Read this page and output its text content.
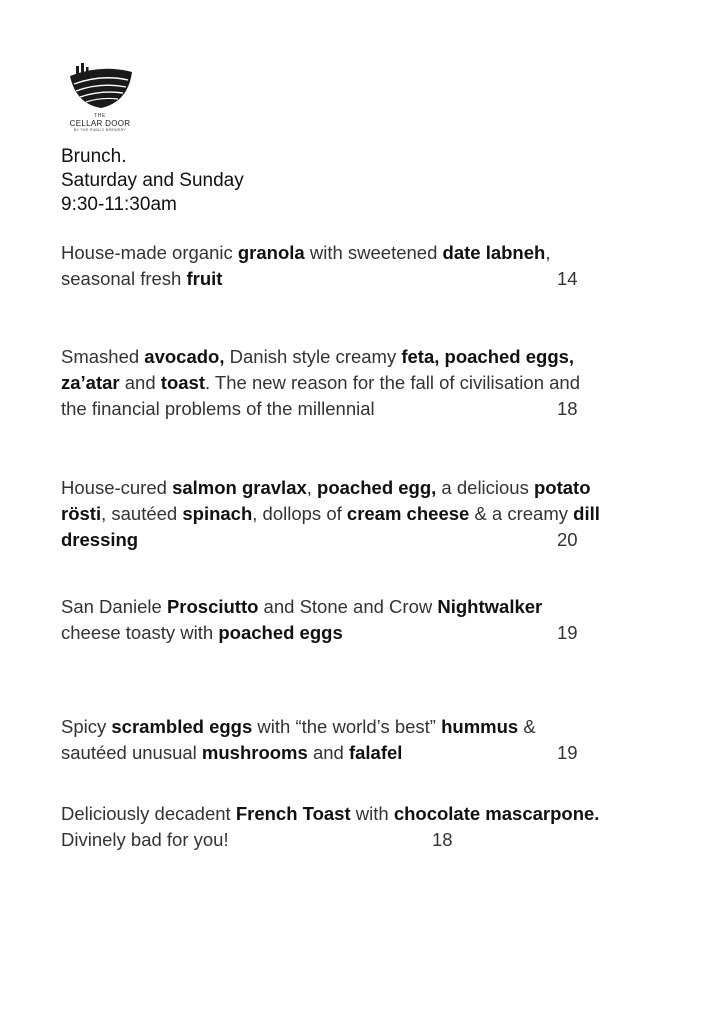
THE
CELLAR DOOR
BY THE PUBLIC BREWERY
Brunch.
Saturday and Sunday
9:30-11:30am
House-made organic granola with sweetened date labneh,
seasonal fresh fruit	14
Smashed avocado, Danish style creamy feta, poached eggs,
za’atar and toast. The new reason for the fall of civilisation and
the financial problems of the millennial	18
House-cured salmon gravlax, poached egg, a delicious potato
rösti, sautéed spinach, dollops of cream cheese & a creamy dill
dressing	20
San Daniele Prosciutto and Stone and Crow Nightwalker
cheese toasty with poached eggs	19
Spicy scrambled eggs with “the world’s best” hummus &
sautéed unusual mushrooms and falafel	19
Deliciously decadent French Toast with chocolate mascarpone.
Divinely bad for you!	18
